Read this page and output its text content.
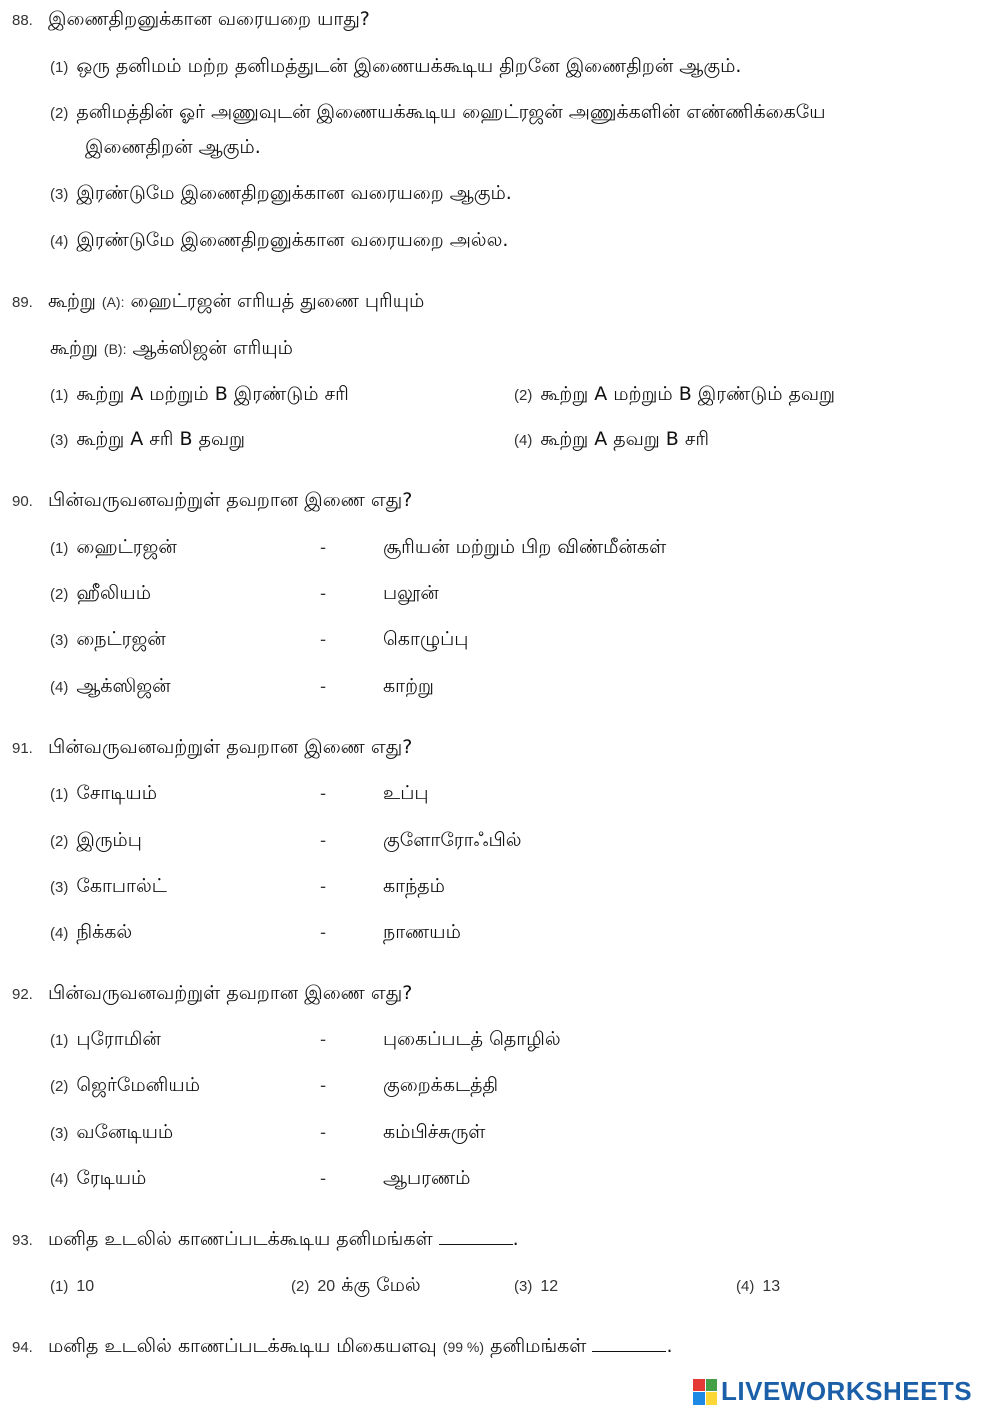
88. இணைதிறனுக்கான வரையறை யாது?
(1) ஒரு தனிமம் மற்ற தனிமத்துடன் இணையக்கூடிய திறனே இணைதிறன் ஆகும்.
(2) தனிமத்தின் ஓர் அணுவுடன் இணையக்கூடிய ஹைட்ரஜன் அணுக்களின் எண்ணிக்கையே
இணைதிறன் ஆகும்.
(3) இரண்டுமே இணைதிறனுக்கான வரையறை ஆகும்.
(4) இரண்டுமே இணைதிறனுக்கான வரையறை அல்ல.
89. கூற்று (A): ஹைட்ரஜன் எரியத் துணை புரியும்
கூற்று (B): ஆக்ஸிஜன் எரியும்
(1) கூற்று A மற்றும் B இரண்டும் சரி	(2) கூற்று A மற்றும் B இரண்டும் தவறு
(3) கூற்று A சரி B தவறு	(4) கூற்று A தவறு B சரி
90. பின்வருவனவற்றுள் தவறான இணை எது?
(1) ஹைட்ரஜன்	-	சூரியன் மற்றும் பிற விண்மீன்கள்
(2) ஹீலியம்	-	பலூன்
(3) நைட்ரஜன்	-	கொழுப்பு
(4) ஆக்ஸிஜன்	-	காற்று
91. பின்வருவனவற்றுள் தவறான இணை எது?
(1) சோடியம்	-	உப்பு
(2) இரும்பு	-	குளோரோஃபில்
(3) கோபால்ட்	-	காந்தம்
(4) நிக்கல்	-	நாணயம்
92. பின்வருவனவற்றுள் தவறான இணை எது?
(1) புரோமின்	-	புகைப்படத் தொழில்
(2) ஜெர்மேனியம்	-	குறைக்கடத்தி
(3) வனேடியம்	-	கம்பிச்சுருள்
(4) ரேடியம்	-	ஆபரணம்
93. மனித உடலில் காணப்படக்கூடிய தனிமங்கள்	.
(1) 10	(2) 20 க்கு மேல்	(3) 12	(4) 13
94. மனித உடலில் காணப்படக்கூடிய மிகையளவு (99 %) தனிமங்கள்	.
LIVEWORKSHEETS
